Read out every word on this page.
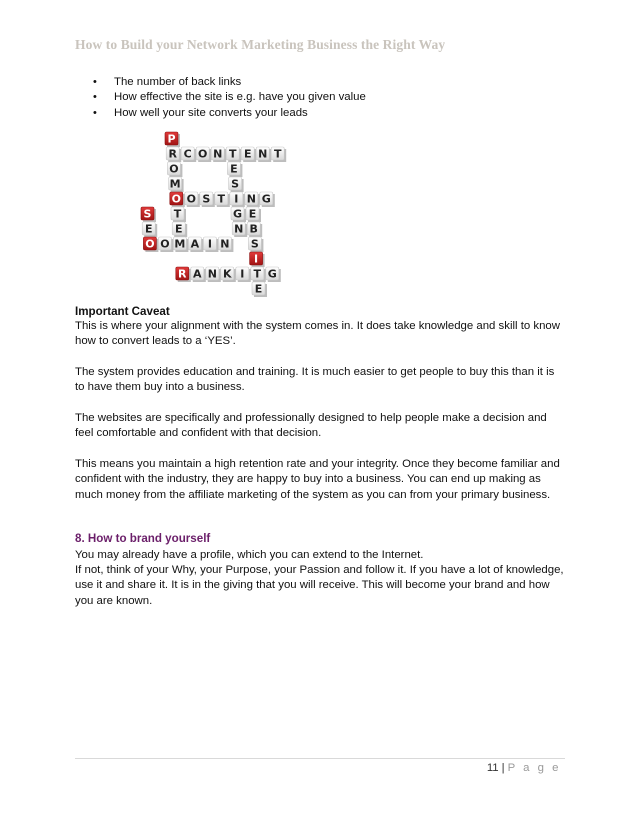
How to Build your Network Marketing Business the Right Way
• The number of back links
• How effective the site is e.g. have you given value
• How well your site converts your leads
P
R
O
M
O
T
E
C O N T E N T
O S T I N G
E
S
G
N
S
E
O O M A I N
E
B
S
I
T
E
R A N K I G
Important Caveat

This is where your alignment with the system comes in. It does take knowledge and skill to know how to convert leads to a ‘YES’.

The system provides education and training. It is much easier to get people to buy this than it is to have them buy into a business.

The websites are specifically and professionally designed to help people make a decision and feel comfortable and confident with that decision.

This means you maintain a high retention rate and your integrity. Once they become familiar and confident with the industry, they are happy to buy into a business. You can end up making as much money from the affiliate marketing of the system as you can from your primary business.

8. How to brand yourself

You may already have a profile, which you can extend to the Internet.

If not, think of your Why, your Purpose, your Passion and follow it. If you have a lot of knowledge, use it and share it. It is in the giving that you will receive. This will become your brand and how you are known.

11 | P a g e
